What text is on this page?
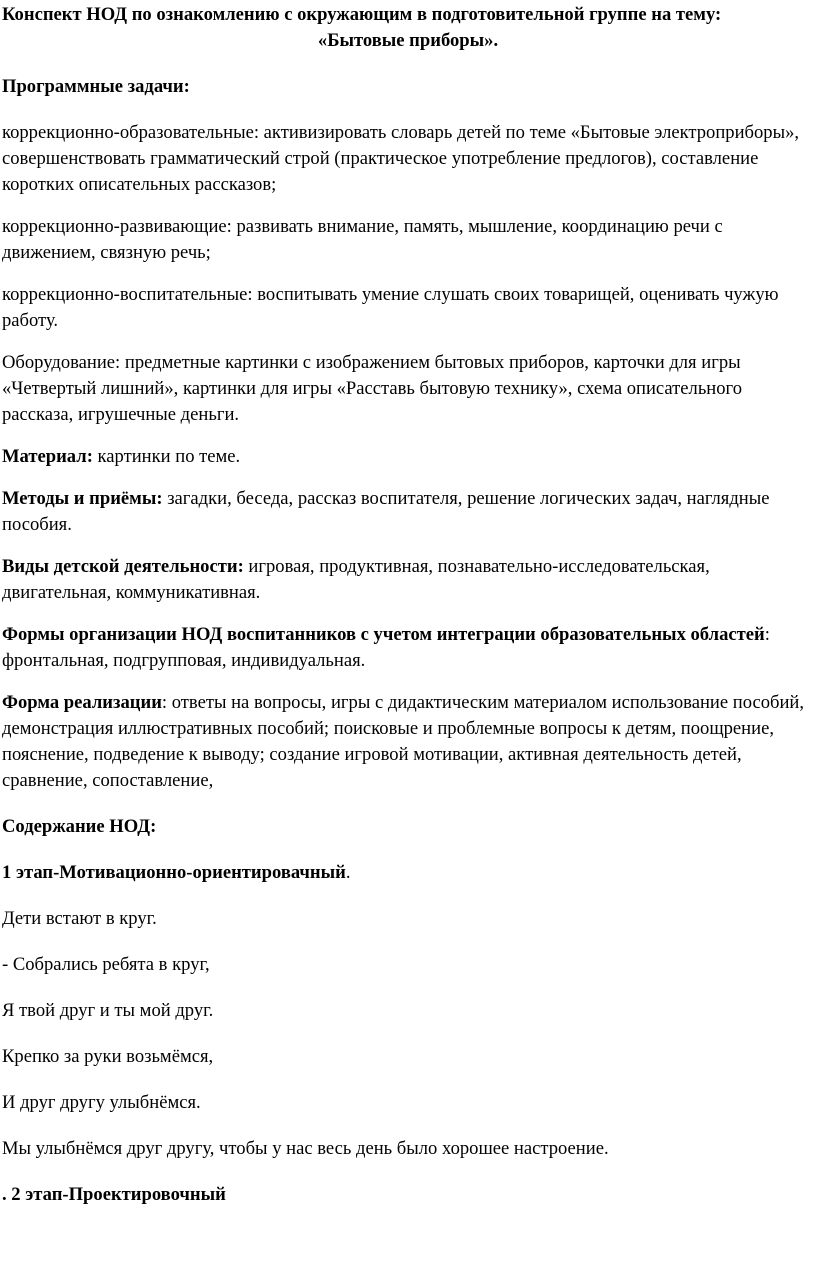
Конспект НОД по ознакомлению с окружающим в подготовительной группе на тему:
«Бытовые приборы».

Программные задачи:

коррекционно-образовательные: активизировать словарь детей по теме «Бытовые электроприборы», совершенствовать грамматический строй (практическое употребление предлогов), составление коротких описательных рассказов;

коррекционно-развивающие: развивать внимание, память, мышление, координацию речи с движением, связную речь;

коррекционно-воспитательные: воспитывать умение слушать своих товарищей, оценивать чужую работу.

Оборудование: предметные картинки с изображением бытовых приборов, карточки для игры «Четвертый лишний», картинки для игры «Расставь бытовую технику», схема описательного рассказа, игрушечные деньги.

Материал: картинки по теме.

Методы и приёмы: загадки, беседа, рассказ воспитателя, решение логических задач, наглядные пособия.

Виды детской деятельности: игровая, продуктивная, познавательно-исследовательская, двигательная, коммуникативная.

Формы организации НОД воспитанников с учетом интеграции образовательных областей: фронтальная, подгрупповая, индивидуальная.

Форма реализации: ответы на вопросы, игры с дидактическим материалом использование пособий, демонстрация иллюстративных пособий; поисковые и проблемные вопросы к детям, поощрение, пояснение, подведение к выводу; создание игровой мотивации, активная деятельность детей, сравнение, сопоставление,

Содержание НОД:

1 этап-Мотивационно-ориентировачный.

Дети встают в круг.

- Собрались ребята в круг,

Я твой друг и ты мой друг.

Крепко за руки возьмёмся,

И друг другу улыбнёмся.

Мы улыбнёмся друг другу, чтобы у нас весь день было хорошее настроение.

. 2 этап-Проектировочный
